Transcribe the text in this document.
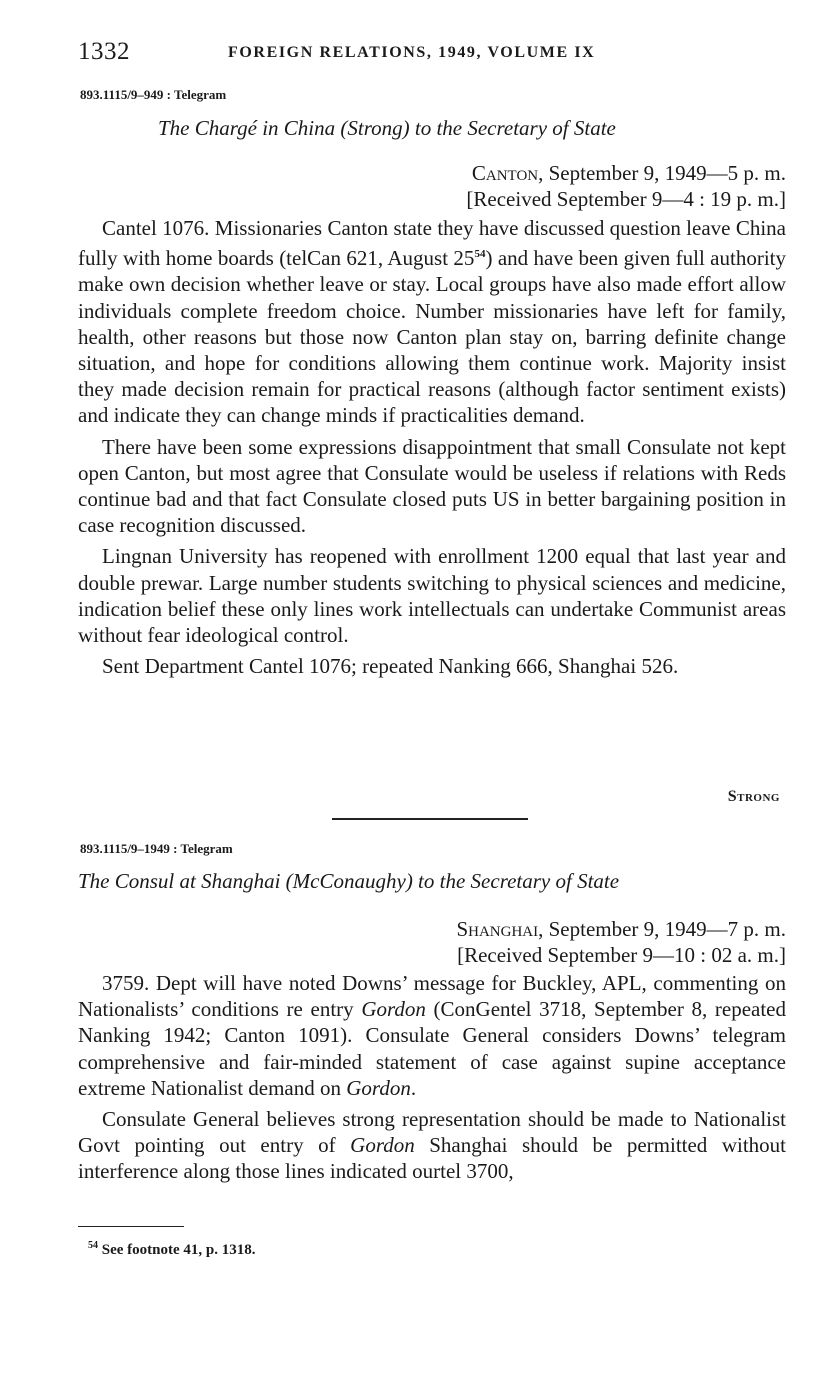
1332	FOREIGN RELATIONS, 1949, VOLUME IX
893.1115/9–949 : Telegram
The Chargé in China (Strong) to the Secretary of State
Canton, September 9, 1949—5 p. m.
[Received September 9—4 : 19 p. m.]

Cantel 1076. Missionaries Canton state they have discussed question leave China fully with home boards (telCan 621, August $25^{54}$) and have been given full authority make own decision whether leave or stay. Local groups have also made effort allow individuals complete freedom choice. Number missionaries have left for family, health, other reasons but those now Canton plan stay on, barring definite change situation, and hope for conditions allowing them continue work. Majority insist they made decision remain for practical reasons (although factor sentiment exists) and indicate they can change minds if practicalities demand.

There have been some expressions disappointment that small Consulate not kept open Canton, but most agree that Consulate would be useless if relations with Reds continue bad and that fact Consulate closed puts US in better bargaining position in case recognition discussed.

Lingnan University has reopened with enrollment 1200 equal that last year and double prewar. Large number students switching to physical sciences and medicine, indication belief these only lines work intellectuals can undertake Communist areas without fear ideological control.

Sent Department Cantel 1076; repeated Nanking 666, Shanghai 526.

Strong
893.1115/9–1949 : Telegram
The Consul at Shanghai (McConaughy) to the Secretary of State
Shanghai, September 9, 1949—7 p. m.
[Received September 9—10 : 02 a. m.]

3759. Dept will have noted Downs’ message for Buckley, APL, commenting on Nationalists’ conditions re entry Gordon (ConGentel 3718, September 8, repeated Nanking 1942; Canton 1091). Consulate General considers Downs’ telegram comprehensive and fair-minded statement of case against supine acceptance extreme Nationalist demand on Gordon.

Consulate General believes strong representation should be made to Nationalist Govt pointing out entry of Gordon Shanghai should be permitted without interference along those lines indicated ourtel 3700,

$^{54}$ See footnote 41, p. 1318.
